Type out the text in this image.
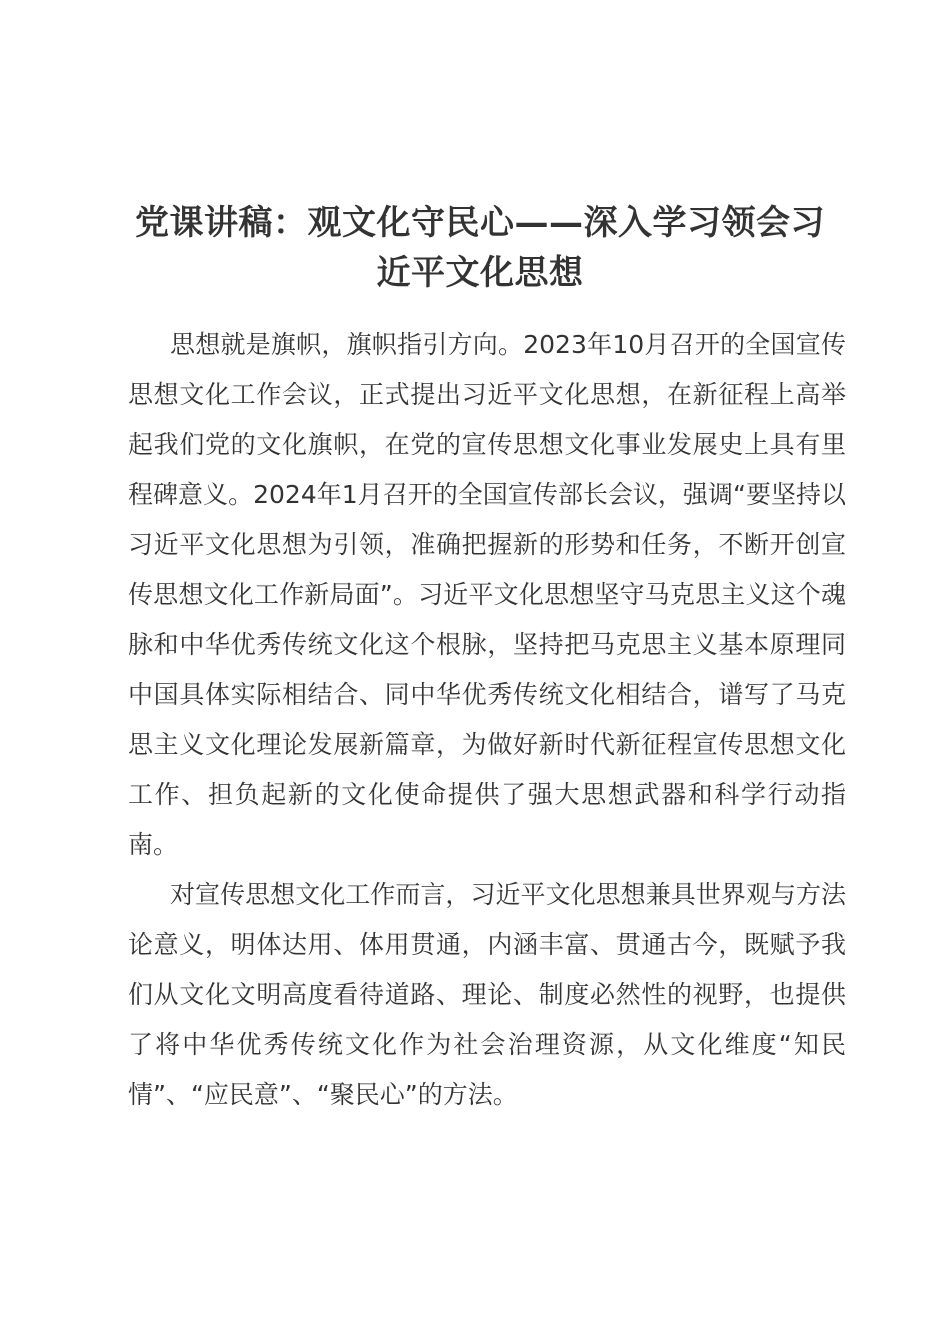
党课讲稿：观文化守民心——深入学习领会习近平文化思想

思想就是旗帜，旗帜指引方向。2023年10月召开的全国宣传思想文化工作会议，正式提出习近平文化思想，在新征程上高举起我们党的文化旗帜，在党的宣传思想文化事业发展史上具有里程碑意义。2024年1月召开的全国宣传部长会议，强调“要坚持以习近平文化思想为引领，准确把握新的形势和任务，不断开创宣传思想文化工作新局面”。习近平文化思想坚守马克思主义这个魂脉和中华优秀传统文化这个根脉，坚持把马克思主义基本原理同中国具体实际相结合、同中华优秀传统文化相结合，谱写了马克思主义文化理论发展新篇章，为做好新时代新征程宣传思想文化工作、担负起新的文化使命提供了强大思想武器和科学行动指南。

对宣传思想文化工作而言，习近平文化思想兼具世界观与方法论意义，明体达用、体用贯通，内涵丰富、贯通古今，既赋予我们从文化文明高度看待道路、理论、制度必然性的视野，也提供了将中华优秀传统文化作为社会治理资源，从文化维度“知民情”、“应民意”、“聚民心”的方法。
